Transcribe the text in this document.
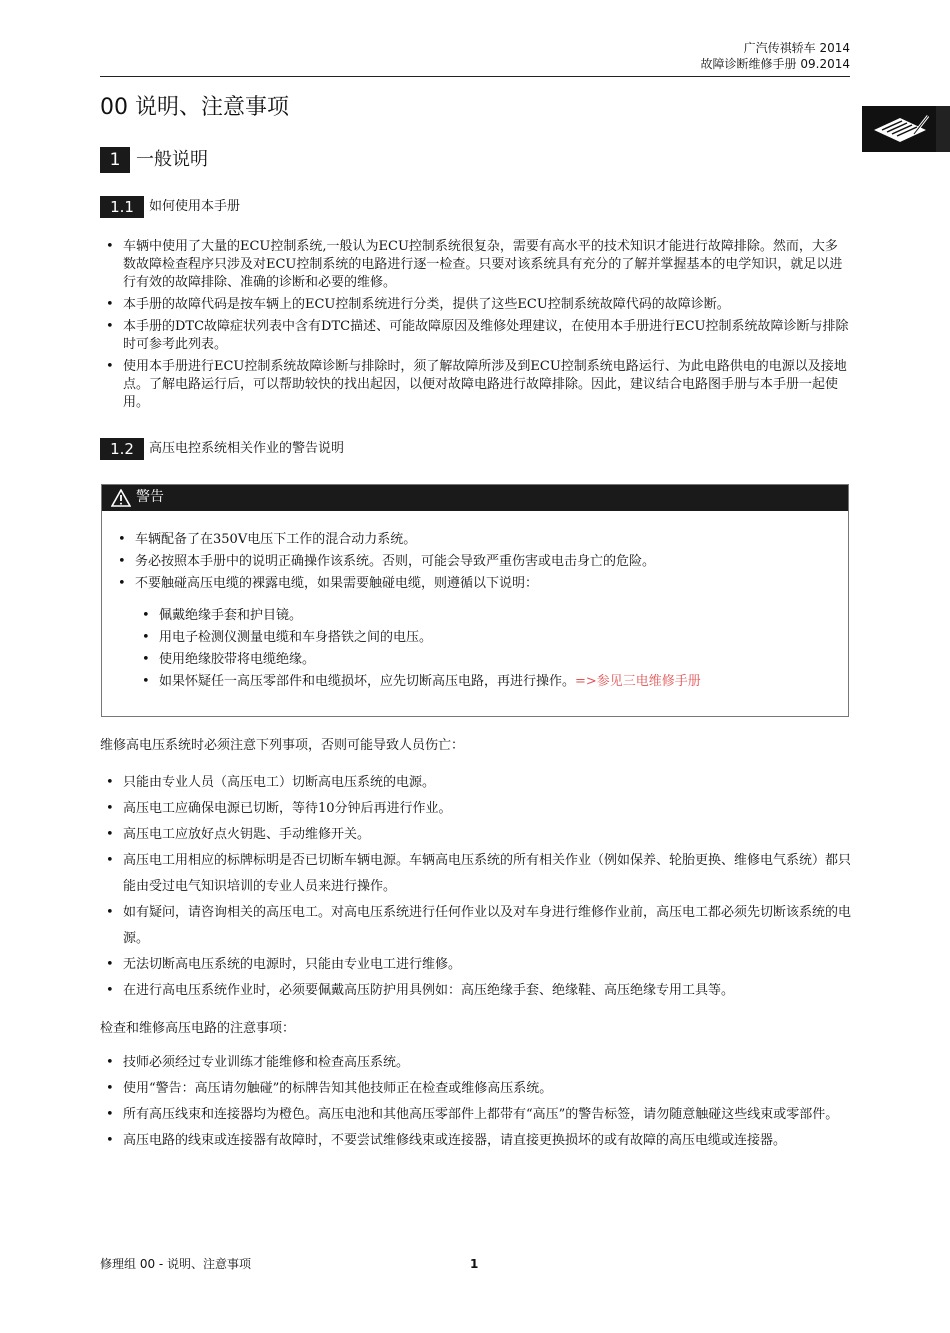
广汽传祺轿车 2014
故障诊断维修手册 09.2014
00 说明、注意事项
1 一般说明
1.1 如何使用本手册
• 车辆中使用了大量的ECU控制系统,一般认为ECU控制系统很复杂，需要有高水平的技术知识才能进行故障排除。然而，大多数故障检查程序只涉及对ECU控制系统的电路进行逐一检查。只要对该系统具有充分的了解并掌握基本的电学知识，就足以进行有效的故障排除、准确的诊断和必要的维修。
• 本手册的故障代码是按车辆上的ECU控制系统进行分类，提供了这些ECU控制系统故障代码的故障诊断。
• 本手册的DTC故障症状列表中含有DTC描述、可能故障原因及维修处理建议，在使用本手册进行ECU控制系统故障诊断与排除时可参考此列表。
• 使用本手册进行ECU控制系统故障诊断与排除时，须了解故障所涉及到ECU控制系统电路运行、为此电路供电的电源以及接地点。了解电路运行后，可以帮助较快的找出起因，以便对故障电路进行故障排除。因此，建议结合电路图手册与本手册一起使用。
1.2 高压电控系统相关作业的警告说明
警告
• 车辆配备了在350V电压下工作的混合动力系统。
• 务必按照本手册中的说明正确操作该系统。否则，可能会导致严重伤害或电击身亡的危险。
• 不要触碰高压电缆的裸露电缆，如果需要触碰电缆，则遵循以下说明：
• 佩戴绝缘手套和护目镜。
• 用电子检测仪测量电缆和车身搭铁之间的电压。
• 使用绝缘胶带将电缆绝缘。
• 如果怀疑任一高压零部件和电缆损坏，应先切断高压电路，再进行操作。=>参见三电维修手册
维修高电压系统时必须注意下列事项，否则可能导致人员伤亡：
• 只能由专业人员（高压电工）切断高电压系统的电源。
• 高压电工应确保电源已切断，等待10分钟后再进行作业。
• 高压电工应放好点火钥匙、手动维修开关。
• 高压电工用相应的标牌标明是否已切断车辆电源。车辆高电压系统的所有相关作业（例如保养、轮胎更换、维修电气系统）都只能由受过电气知识培训的专业人员来进行操作。
• 如有疑问，请咨询相关的高压电工。对高电压系统进行任何作业以及对车身进行维修作业前，高压电工都必须先切断该系统的电源。
• 无法切断高电压系统的电源时，只能由专业电工进行维修。
• 在进行高电压系统作业时，必须要佩戴高压防护用具例如：高压绝缘手套、绝缘鞋、高压绝缘专用工具等。
检查和维修高压电路的注意事项：
• 技师必须经过专业训练才能维修和检查高压系统。
• 使用“警告：高压请勿触碰”的标牌告知其他技师正在检查或维修高压系统。
• 所有高压线束和连接器均为橙色。高压电池和其他高压零部件上都带有“高压”的警告标签，请勿随意触碰这些线束或零部件。
• 高压电路的线束或连接器有故障时，不要尝试维修线束或连接器，请直接更换损坏的或有故障的高压电缆或连接器。
修理组 00 - 说明、注意事项	1
